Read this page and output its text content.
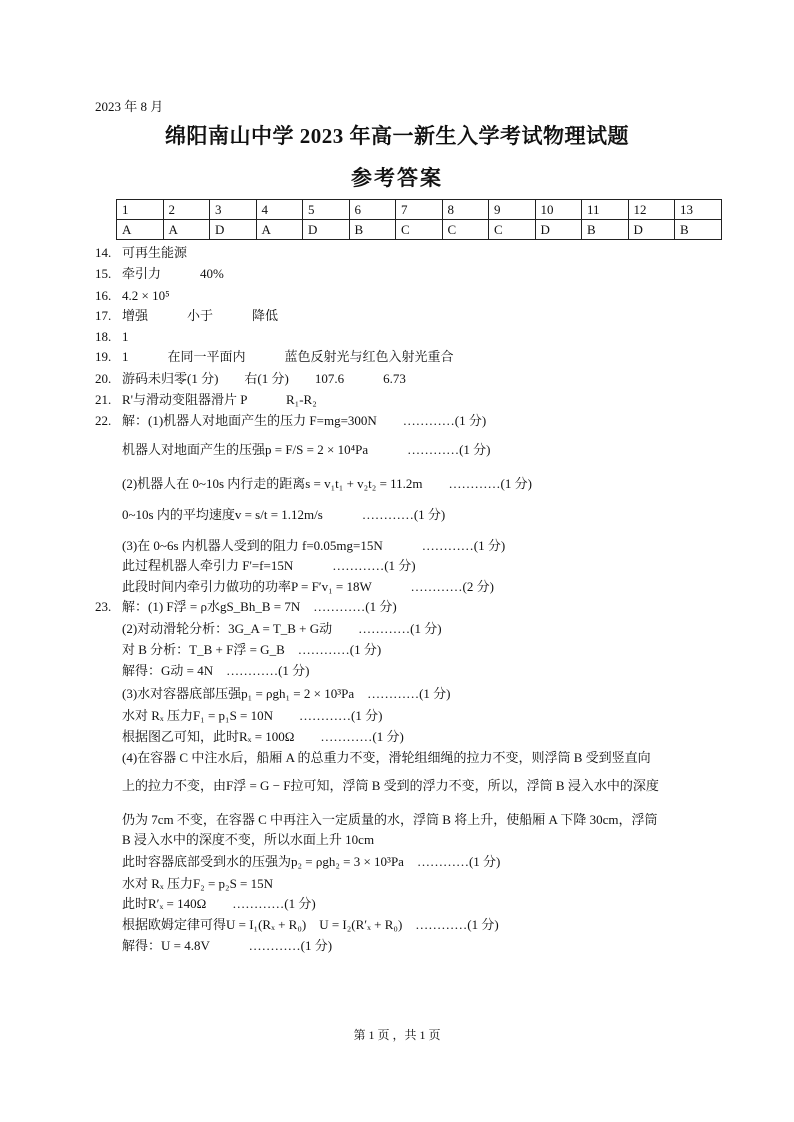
2023 年 8 月
绵阳南山中学 2023 年高一新生入学考试物理试题
参考答案
1	2	3	4	5	6	7	8	9	10	11	12	13
A	A	D	A	D	B	C	C	C	D	B	D	B
14. 可再生能源
15. 牵引力　　　40%
16. 4.2 × 10⁵
17. 增强　　　小于　　　降低
18. 1
19. 1　　　在同一平面内　　　蓝色反射光与红色入射光重合
20. 游码未归零(1 分)　　右(1 分)　　107.6　　　6.73
21. R'与滑动变阻器滑片 P　　　R₁-R₂
22. 解：(1)机器人对地面产生的压力 F=mg=300N　　…………(1 分)
机器人对地面产生的压强p = F/S = 2 × 10⁴Pa　　　…………(1 分)
(2)机器人在 0~10s 内行走的距离s = v₁t₁ + v₂t₂ = 11.2m　　…………(1 分)
0~10s 内的平均速度v = s/t = 1.12m/s　　　…………(1 分)
(3)在 0~6s 内机器人受到的阻力 f=0.05mg=15N　　　…………(1 分)
此过程机器人牵引力 F'=f=15N　　　…………(1 分)
此段时间内牵引力做功的功率P = F′v₁ = 18W　　　…………(2 分)
23. 解：(1) F浮 = ρ水gS_Bh_B = 7N　…………(1 分)
(2)对动滑轮分析：3G_A = T_B + G动　　…………(1 分)
对 B 分析：T_B + F浮 = G_B　…………(1 分)
解得：G动 = 4N　…………(1 分)
(3)水对容器底部压强p₁ = ρgh₁ = 2 × 10³Pa　…………(1 分)
水对 Rₓ 压力F₁ = p₁S = 10N　　…………(1 分)
根据图乙可知，此时Rₓ = 100Ω　　…………(1 分)
(4)在容器 C 中注水后，船厢 A 的总重力不变，滑轮组细绳的拉力不变，则浮筒 B 受到竖直向
上的拉力不变，由F浮 = G − F拉可知，浮筒 B 受到的浮力不变，所以，浮筒 B 浸入水中的深度
仍为 7cm 不变，在容器 C 中再注入一定质量的水，浮筒 B 将上升，使船厢 A 下降 30cm，浮筒
B 浸入水中的深度不变，所以水面上升 10cm
此时容器底部受到水的压强为p₂ = ρgh₂ = 3 × 10³Pa　…………(1 分)
水对 Rₓ 压力F₂ = p₂S = 15N
此时R′ₓ = 140Ω　　…………(1 分)
根据欧姆定律可得U = I₁(Rₓ + R₀)　U = I₂(R′ₓ + R₀)　…………(1 分)
解得：U = 4.8V　　　…………(1 分)
第 1 页 ，共 1 页
